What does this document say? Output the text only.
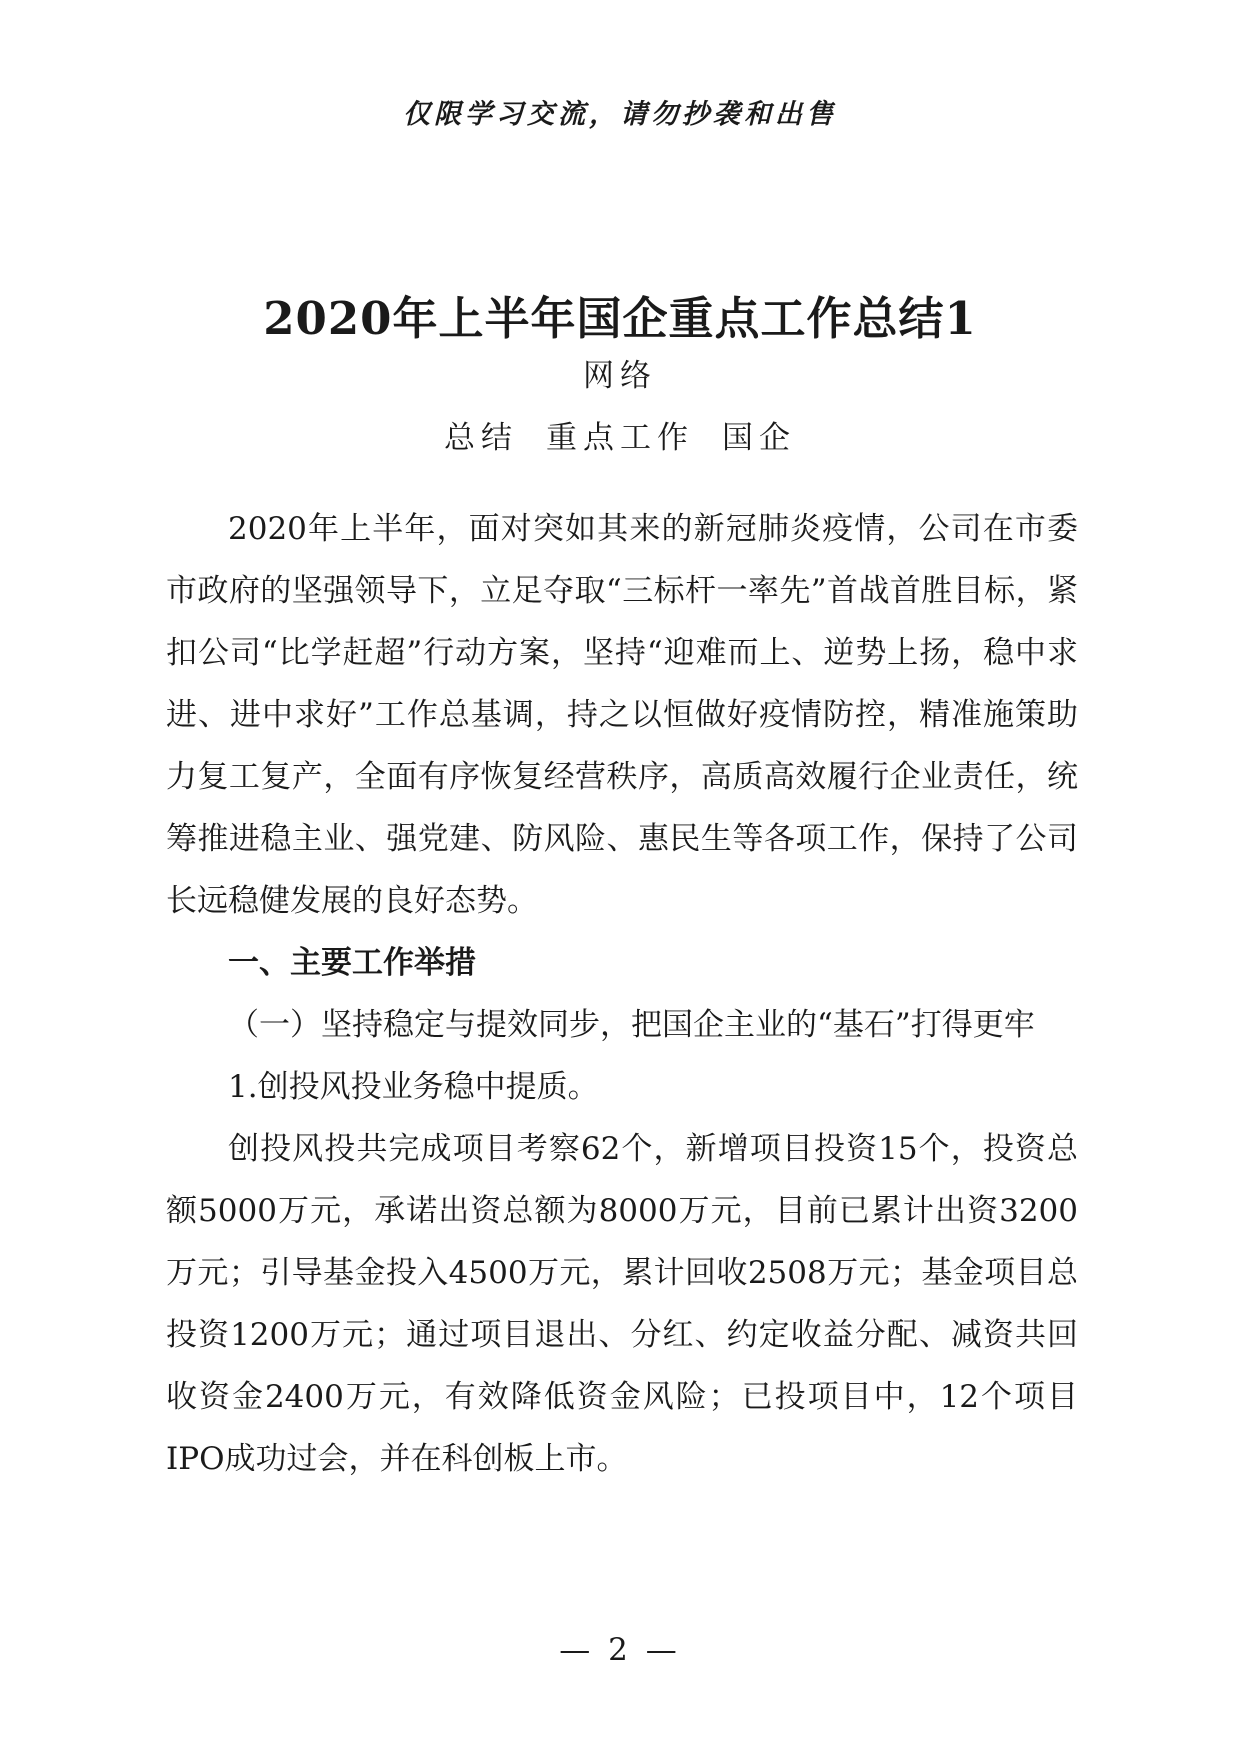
仅限学习交流，请勿抄袭和出售
2020年上半年国企重点工作总结1
网络
总结 重点工作 国企

2020年上半年，面对突如其来的新冠肺炎疫情，公司在市委市政府的坚强领导下，立足夺取“三标杆一率先”首战首胜目标，紧扣公司“比学赶超”行动方案，坚持“迎难而上、逆势上扬，稳中求进、进中求好”工作总基调，持之以恒做好疫情防控，精准施策助力复工复产，全面有序恢复经营秩序，高质高效履行企业责任，统筹推进稳主业、强党建、防风险、惠民生等各项工作，保持了公司长远稳健发展的良好态势。

一、主要工作举措

（一）坚持稳定与提效同步，把国企主业的“基石”打得更牢

1.创投风投业务稳中提质。

创投风投共完成项目考察62个，新增项目投资15个，投资总额5000万元，承诺出资总额为8000万元，目前已累计出资3200万元；引导基金投入4500万元，累计回收2508万元；基金项目总投资1200万元；通过项目退出、分红、约定收益分配、减资共回收资金2400万元，有效降低资金风险；已投项目中，12个项目IPO成功过会，并在科创板上市。

— 2 —
